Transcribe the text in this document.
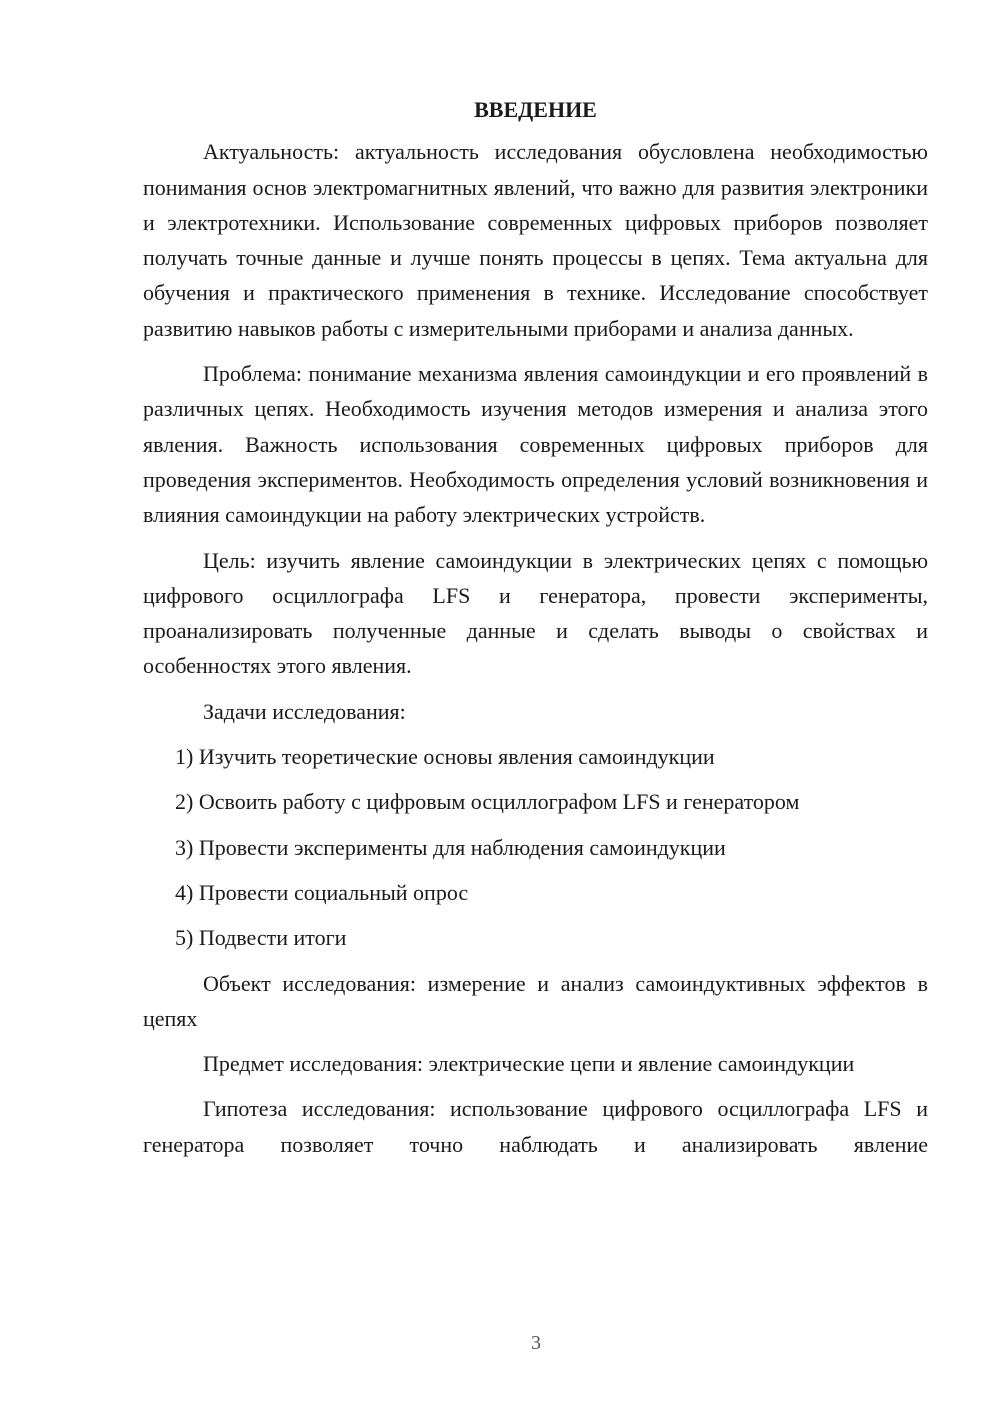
ВВЕДЕНИЕ

Актуальность: актуальность исследования обусловлена необходимостью понимания основ электромагнитных явлений, что важно для развития электроники и электротехники. Использование современных цифровых приборов позволяет получать точные данные и лучше понять процессы в цепях. Тема актуальна для обучения и практического применения в технике. Исследование способствует развитию навыков работы с измерительными приборами и анализа данных.

Проблема: понимание механизма явления самоиндукции и его проявлений в различных цепях. Необходимость изучения методов измерения и анализа этого явления. Важность использования современных цифровых приборов для проведения экспериментов. Необходимость определения условий возникновения и влияния самоиндукции на работу электрических устройств.

Цель: изучить явление самоиндукции в электрических цепях с помощью цифрового осциллографа LFS и генератора, провести эксперименты, проанализировать полученные данные и сделать выводы о свойствах и особенностях этого явления.

Задачи исследования:

1) Изучить теоретические основы явления самоиндукции
2) Освоить работу с цифровым осциллографом LFS и генератором
3) Провести эксперименты для наблюдения самоиндукции
4) Провести социальный опрос
5) Подвести итоги

Объект исследования: измерение и анализ самоиндуктивных эффектов в цепях

Предмет исследования: электрические цепи и явление самоиндукции

Гипотеза исследования: использование цифрового осциллографа LFS и генератора позволяет точно наблюдать и анализировать явление

3
